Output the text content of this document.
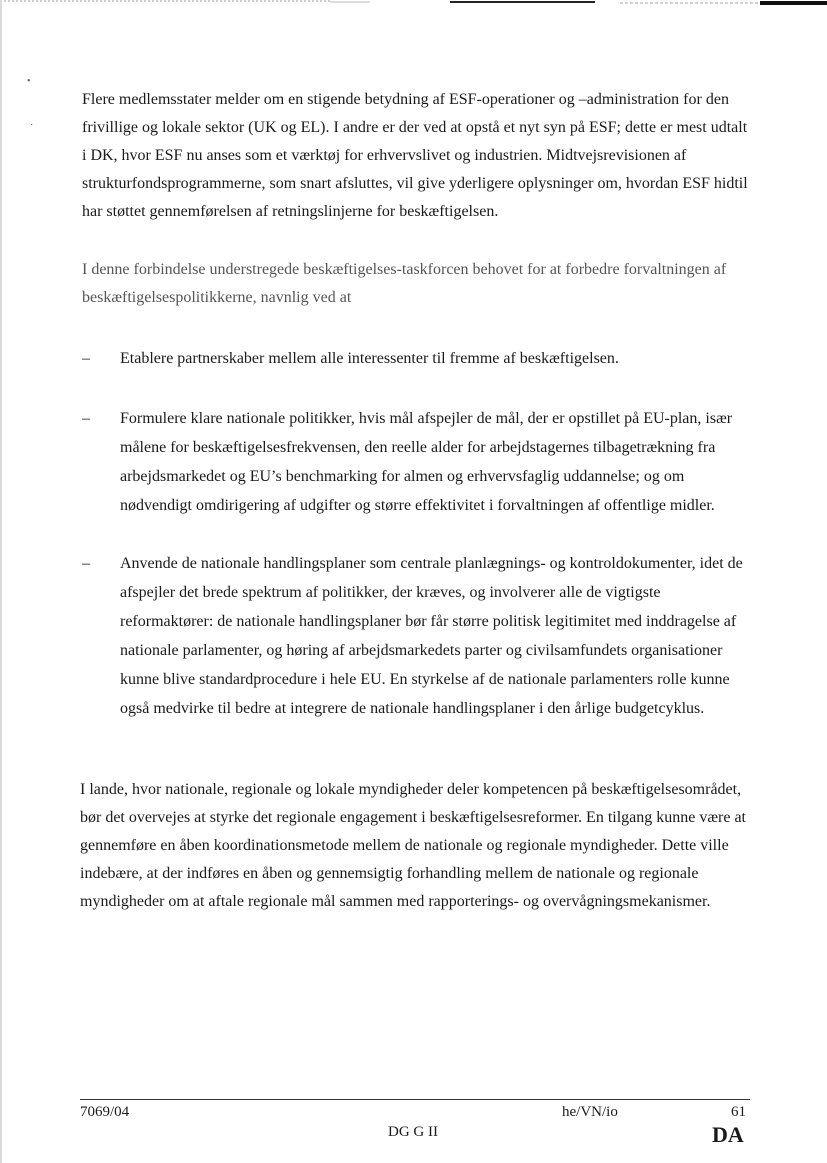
•
·

Flere medlemsstater melder om en stigende betydning af ESF-operationer og –administration for den frivillige og lokale sektor (UK og EL). I andre er der ved at opstå et nyt syn på ESF; dette er mest udtalt i DK, hvor ESF nu anses som et værktøj for erhvervslivet og industrien. Midtvejsrevisionen af strukturfondsprogrammerne, som snart afsluttes, vil give yderligere oplysninger om, hvordan ESF hidtil har støttet gennemførelsen af retningslinjerne for beskæftigelsen.

I denne forbindelse understregede beskæftigelses-taskforcen behovet for at forbedre forvaltningen af beskæftigelsespolitikkerne, navnlig ved at

–	Etablere partnerskaber mellem alle interessenter til fremme af beskæftigelsen.

–	Formulere klare nationale politikker, hvis mål afspejler de mål, der er opstillet på EU-plan, især målene for beskæftigelsesfrekvensen, den reelle alder for arbejdstagernes tilbagetrækning fra arbejdsmarkedet og EU’s benchmarking for almen og erhvervsfaglig uddannelse; og om nødvendigt omdirigering af udgifter og større effektivitet i forvaltningen af offentlige midler.

–	Anvende de nationale handlingsplaner som centrale planlægnings- og kontroldokumenter, idet de afspejler det brede spektrum af politikker, der kræves, og involverer alle de vigtigste reformaktører: de nationale handlingsplaner bør får større politisk legitimitet med inddragelse af nationale parlamenter, og høring af arbejdsmarkedets parter og civilsamfundets organisationer kunne blive standardprocedure i hele EU. En styrkelse af de nationale parlamenters rolle kunne også medvirke til bedre at integrere de nationale handlingsplaner i den årlige budgetcyklus.

I lande, hvor nationale, regionale og lokale myndigheder deler kompetencen på beskæftigelsesområdet, bør det overvejes at styrke det regionale engagement i beskæftigelsesreformer. En tilgang kunne være at gennemføre en åben koordinationsmetode mellem de nationale og regionale myndigheder. Dette ville indebære, at der indføres en åben og gennemsigtig forhandling mellem de nationale og regionale myndigheder om at aftale regionale mål sammen med rapporterings- og overvågningsmekanismer.

7069/04
DG G II
he/VN/io	61
DA
